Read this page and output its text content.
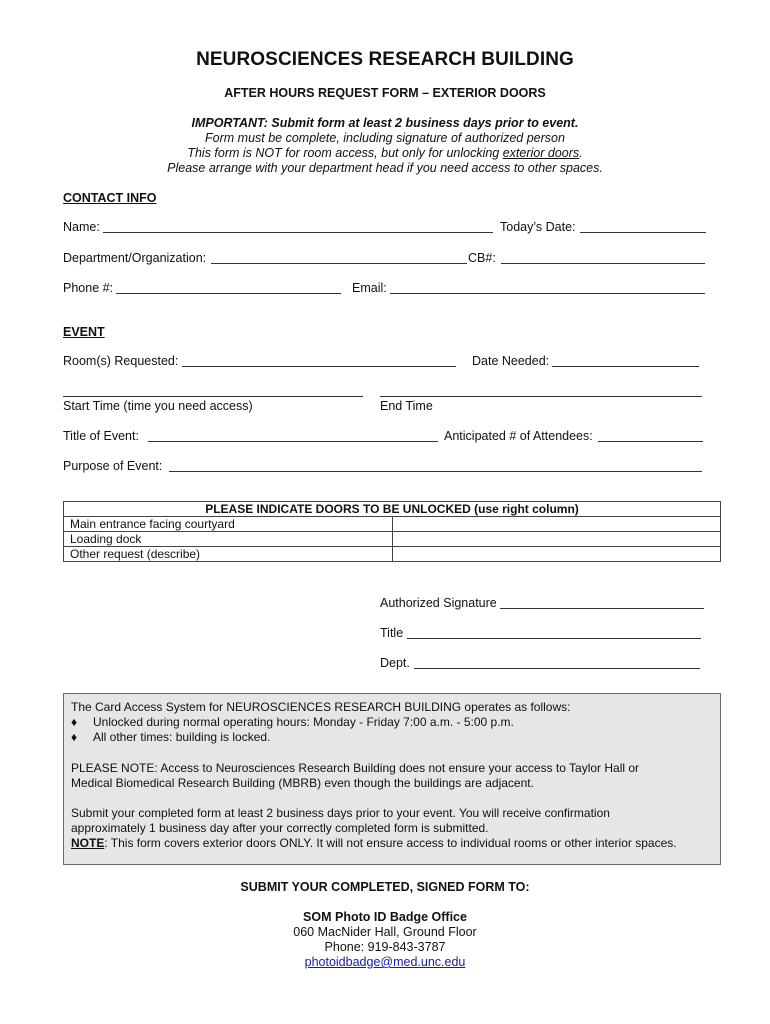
NEUROSCIENCES RESEARCH BUILDING
AFTER HOURS REQUEST FORM – EXTERIOR DOORS
IMPORTANT: Submit form at least 2 business days prior to event.
Form must be complete, including signature of authorized person
This form is NOT for room access, but only for unlocking exterior doors.
Please arrange with your department head if you need access to other spaces.
CONTACT INFO
Name:	Today’s Date:
Department/Organization:	CB#:
Phone #:	Email:
EVENT
Room(s) Requested:	Date Needed:
Start Time (time you need access)	End Time
Title of Event:	Anticipated # of Attendees:
Purpose of Event:
PLEASE INDICATE DOORS TO BE UNLOCKED (use right column)	
Main entrance facing courtyard	
Loading dock	
Other request (describe)	
Authorized Signature
Title
Dept.
The Card Access System for NEUROSCIENCES RESEARCH BUILDING operates as follows:
♦ Unlocked during normal operating hours: Monday - Friday 7:00 a.m. - 5:00 p.m.
♦ All other times: building is locked.
PLEASE NOTE: Access to Neurosciences Research Building does not ensure your access to Taylor Hall or
Medical Biomedical Research Building (MBRB) even though the buildings are adjacent.
Submit your completed form at least 2 business days prior to your event. You will receive confirmation
approximately 1 business day after your correctly completed form is submitted.
NOTE: This form covers exterior doors ONLY. It will not ensure access to individual rooms or other interior spaces.
SUBMIT YOUR COMPLETED, SIGNED FORM TO:
SOM Photo ID Badge Office
060 MacNider Hall, Ground Floor
Phone: 919-843-3787
photoidbadge@med.unc.edu
